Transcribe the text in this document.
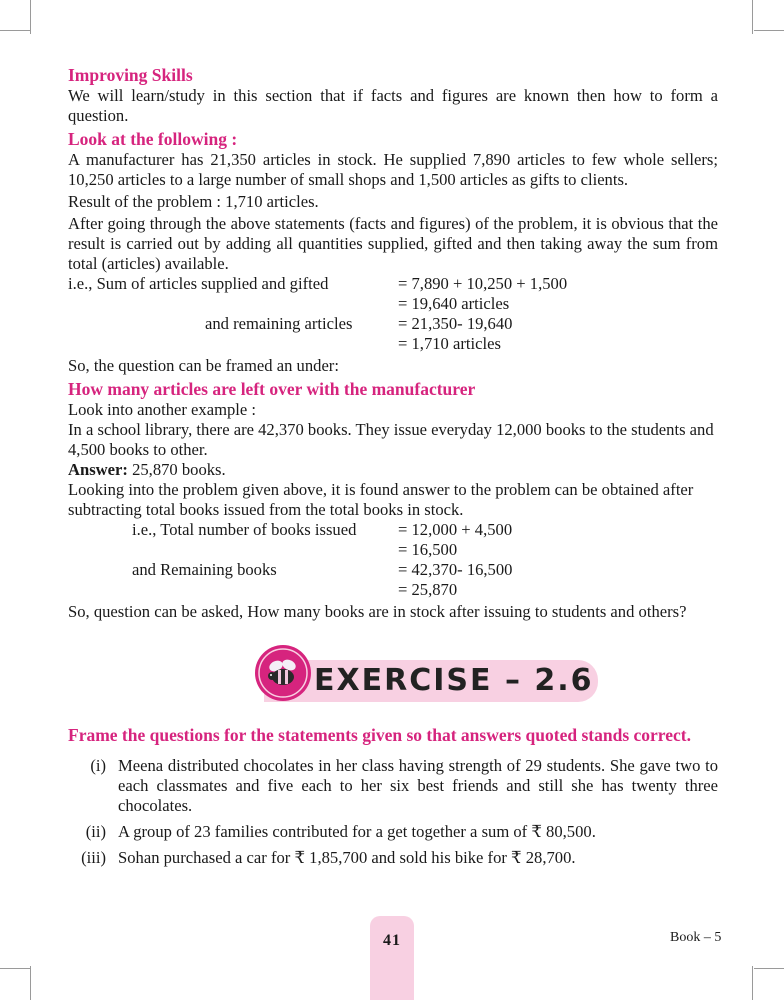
Improving Skills

We will learn/study in this section that if facts and figures are known then how to form a question.

Look at the following :

A manufacturer has 21,350 articles in stock. He supplied 7,890 articles to few whole sellers; 10,250 articles to a large number of small shops and 1,500 articles as gifts to clients.

Result of the problem : 1,710 articles.

After going through the above statements (facts and figures) of the problem, it is obvious that the result is carried out by adding all quantities supplied, gifted and then taking away the sum from total (articles) available.

i.e., Sum of articles supplied and gifted	= 7,890 + 10,250 + 1,500
= 19,640 articles
and remaining articles	= 21,350- 19,640
= 1,710 articles

So, the question can be framed an under:

How many articles are left over with the manufacturer

Look into another example :

In a school library, there are 42,370 books. They issue everyday 12,000 books to the students and 4,500 books to other.

Answer: 25,870 books.

Looking into the problem given above, it is found answer to the problem can be obtained after subtracting total books issued from the total books in stock.

i.e., Total number of books issued	= 12,000 + 4,500
= 16,500
and Remaining books	= 42,370- 16,500
= 25,870

So, question can be asked, How many books are in stock after issuing to students and others?

EXERCISE – 2.6

Frame the questions for the statements given so that answers quoted stands correct.

(i) Meena distributed chocolates in her class having strength of 29 students. She gave two to each classmates and five each to her six best friends and still she has twenty three chocolates.
(ii) A group of 23 families contributed for a get together a sum of ₹ 80,500.
(iii) Sohan purchased a car for ₹ 1,85,700 and sold his bike for ₹ 28,700.
41	Book – 5
